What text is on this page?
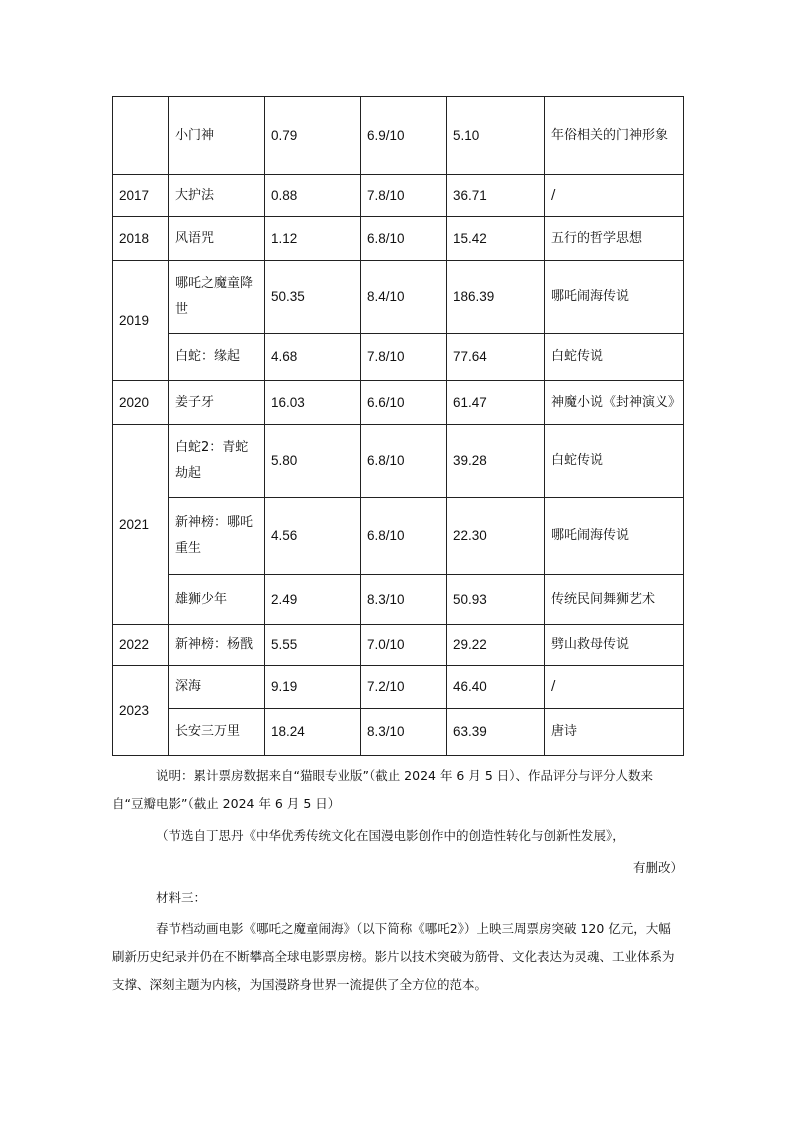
	小门神	0.79	6.9/10	5.10	年俗相关的门神形象
2017	大护法	0.88	7.8/10	36.71	/
2018	风语咒	1.12	6.8/10	15.42	五行的哲学思想
2019	哪吒之魔童降世	50.35	8.4/10	186.39	哪吒闹海传说
	白蛇：缘起	4.68	7.8/10	77.64	白蛇传说
2020	姜子牙	16.03	6.6/10	61.47	神魔小说《封神演义》
2021	白蛇2：青蛇劫起	5.80	6.8/10	39.28	白蛇传说
	新神榜：哪吒重生	4.56	6.8/10	22.30	哪吒闹海传说
	雄狮少年	2.49	8.3/10	50.93	传统民间舞狮艺术
2022	新神榜：杨戬	5.55	7.0/10	29.22	劈山救母传说
2023	深海	9.19	7.2/10	46.40	/
	长安三万里	18.24	8.3/10	63.39	唐诗

说明：累计票房数据来自“猫眼专业版”（截止 2024 年 6 月 5 日）、作品评分与评分人数来自“豆瓣电影”（截止 2024 年 6 月 5 日）

（节选自丁思丹《中华优秀传统文化在国漫电影创作中的创造性转化与创新性发展》，

有删改）

材料三：

春节档动画电影《哪吒之魔童闹海》（以下简称《哪吒2》）上映三周票房突破 120 亿元，大幅刷新历史纪录并仍在不断攀高全球电影票房榜。影片以技术突破为筋骨、文化表达为灵魂、工业体系为支撑、深刻主题为内核，为国漫跻身世界一流提供了全方位的范本。
